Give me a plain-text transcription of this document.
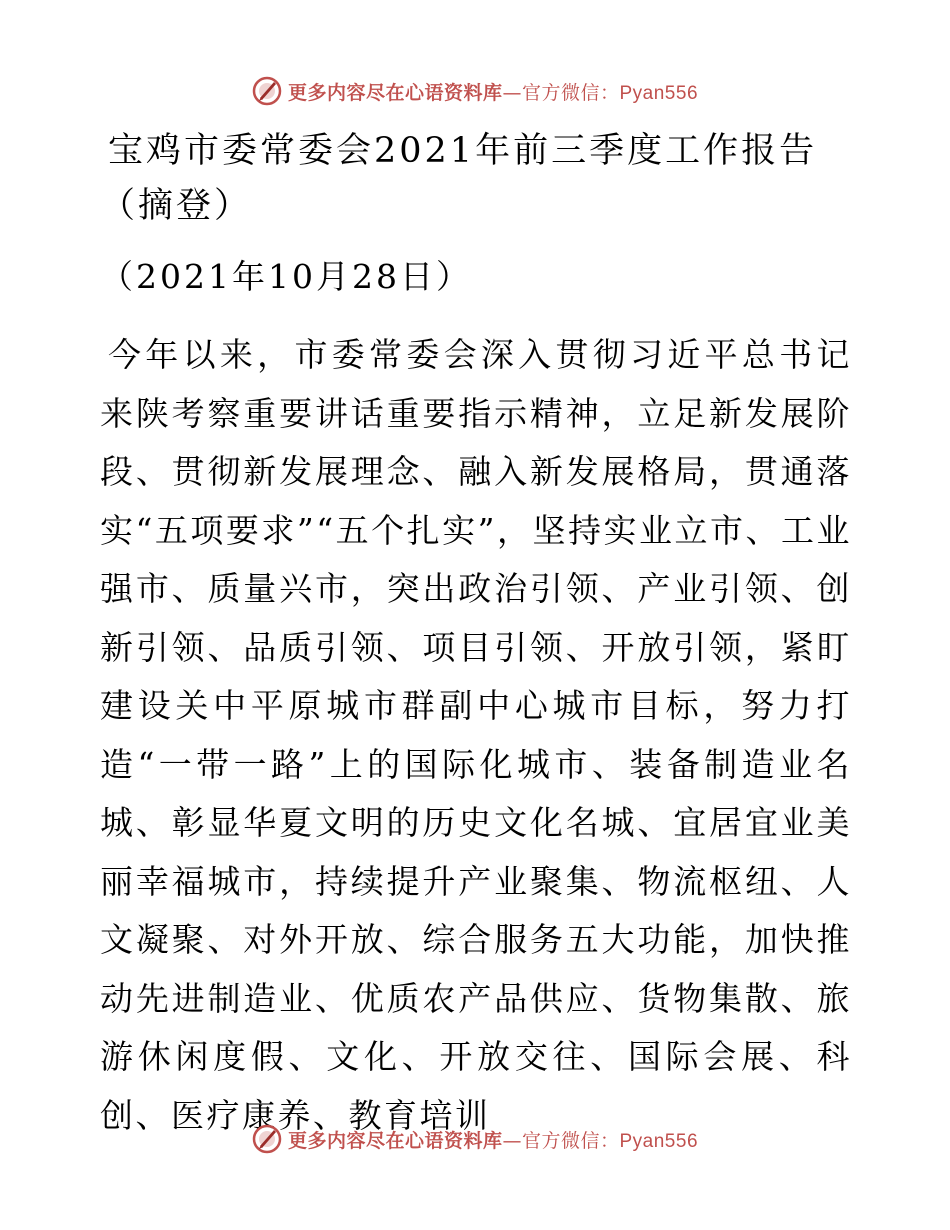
更多内容尽在心语资料库—官方微信：Pyan556
宝鸡市委常委会2021年前三季度工作报告（摘登）
（2021年10月28日）
今年以来，市委常委会深入贯彻习近平总书记来陕考察重要讲话重要指示精神，立足新发展阶段、贯彻新发展理念、融入新发展格局，贯通落实“五项要求”“五个扎实”，坚持实业立市、工业强市、质量兴市，突出政治引领、产业引领、创新引领、品质引领、项目引领、开放引领，紧盯建设关中平原城市群副中心城市目标，努力打造“一带一路”上的国际化城市、装备制造业名城、彰显华夏文明的历史文化名城、宜居宜业美丽幸福城市，持续提升产业聚集、物流枢纽、人文凝聚、对外开放、综合服务五大功能，加快推动先进制造业、优质农产品供应、货物集散、旅游休闲度假、文化、开放交往、国际会展、科创、医疗康养、教育培训
更多内容尽在心语资料库—官方微信：Pyan556
